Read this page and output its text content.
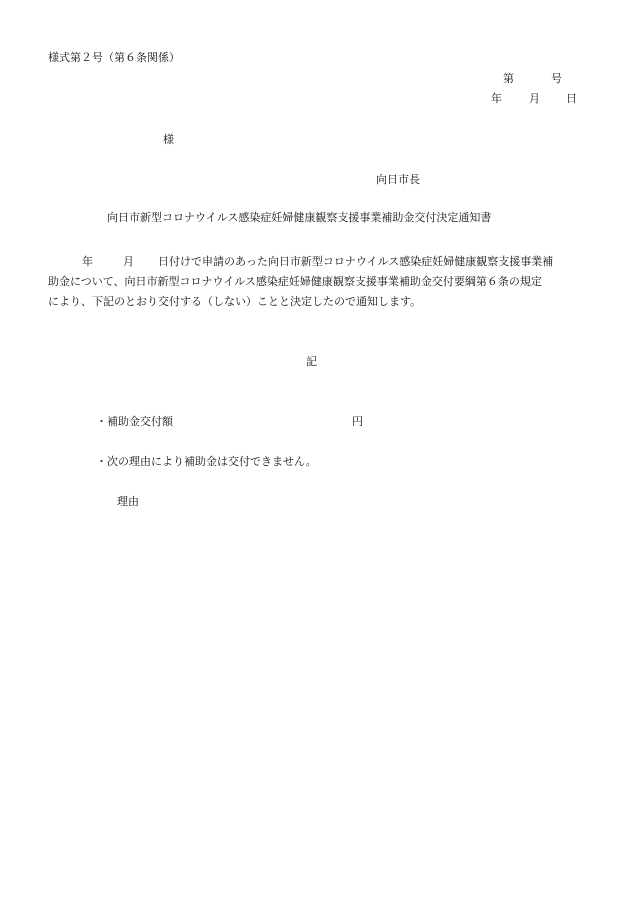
様式第２号（第６条関係）
第	号
年 月 日
様
向日市長
向日市新型コロナウイルス感染症妊婦健康観察支援事業補助金交付決定通知書
年	月 日付けで申請のあった向日市新型コロナウイルス感染症妊婦健康観察支援事業補
助金について、向日市新型コロナウイルス感染症妊婦健康観察支援事業補助金交付要綱第６条の規定
により、下記のとおり交付する（しない）ことと決定したので通知します。
記
・補助金交付額	円
・次の理由により補助金は交付できません。
理由
